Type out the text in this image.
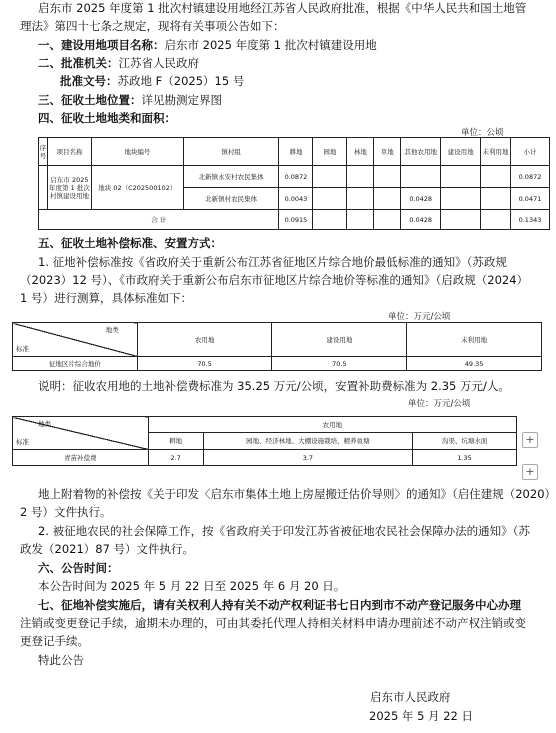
启东市 2025 年度第 1 批次村镇建设用地经江苏省人民政府批准，根据《中华人民共和国土地管
理法》第四十七条之规定，现将有关事项公告如下：
一、建设用地项目名称：启东市 2025 年度第 1 批次村镇建设用地
二、批准机关：江苏省人民政府
批准文号：苏政地 F（2025）15 号
三、征收土地位置：详见勘测定界图
四、征收土地地类和面积：
单位：公顷
序号	项目名称	地块编号	镇村组	耕地	园地	林地	草地	其他农用地	建设用地	未利用地	小计
	启东市 2025 年度第 1 批次村镇建设用地	地块 02（C202500102）	北新镇永安村农民集体	0.0872							0.0872
			北新镇村农民集体	0.0043				0.0428			0.0471
合 计				0.0915				0.0428			0.1343
五、征收土地补偿标准、安置方式：
1. 征地补偿标准按《省政府关于重新公布江苏省征地区片综合地价最低标准的通知》（苏政规
（2023）12 号）、《市政府关于重新公布启东市征地区片综合地价等标准的通知》（启政规（2024）
1 号）进行测算，具体标准如下：
单位：万元/公顷
地类
标准	农用地	建设用地	未利用地
征地区片综合地价	70.5	70.5	49.35
说明：征收农用地的土地补偿费标准为 35.25 万元/公顷，安置补助费标准为 2.35 万元/人。
单位：万元/公顷
地类
标准	农用地		
	耕地	园地、经济林地、大棚设施栽培、精养鱼塘	沟渠、坑塘水面
青苗补偿费	2.7	3.7	1.35
+
+
地上附着物的补偿按《关于印发〈启东市集体土地上房屋搬迁估价导则〉的通知》（启住建规（2020）
2 号）文件执行。
2. 被征地农民的社会保障工作，按《省政府关于印发江苏省被征地农民社会保障办法的通知》（苏
政发（2021）87 号）文件执行。
六、公告时间：
本公告时间为 2025 年 5 月 22 日至 2025 年 6 月 20 日。
七、征地补偿实施后，请有关权利人持有关不动产权利证书七日内到市不动产登记服务中心办理
注销或变更登记手续，逾期未办理的，可由其委托代理人持相关材料申请办理前述不动产权注销或变
更登记手续。
特此公告
启东市人民政府
2025 年 5 月 22 日
